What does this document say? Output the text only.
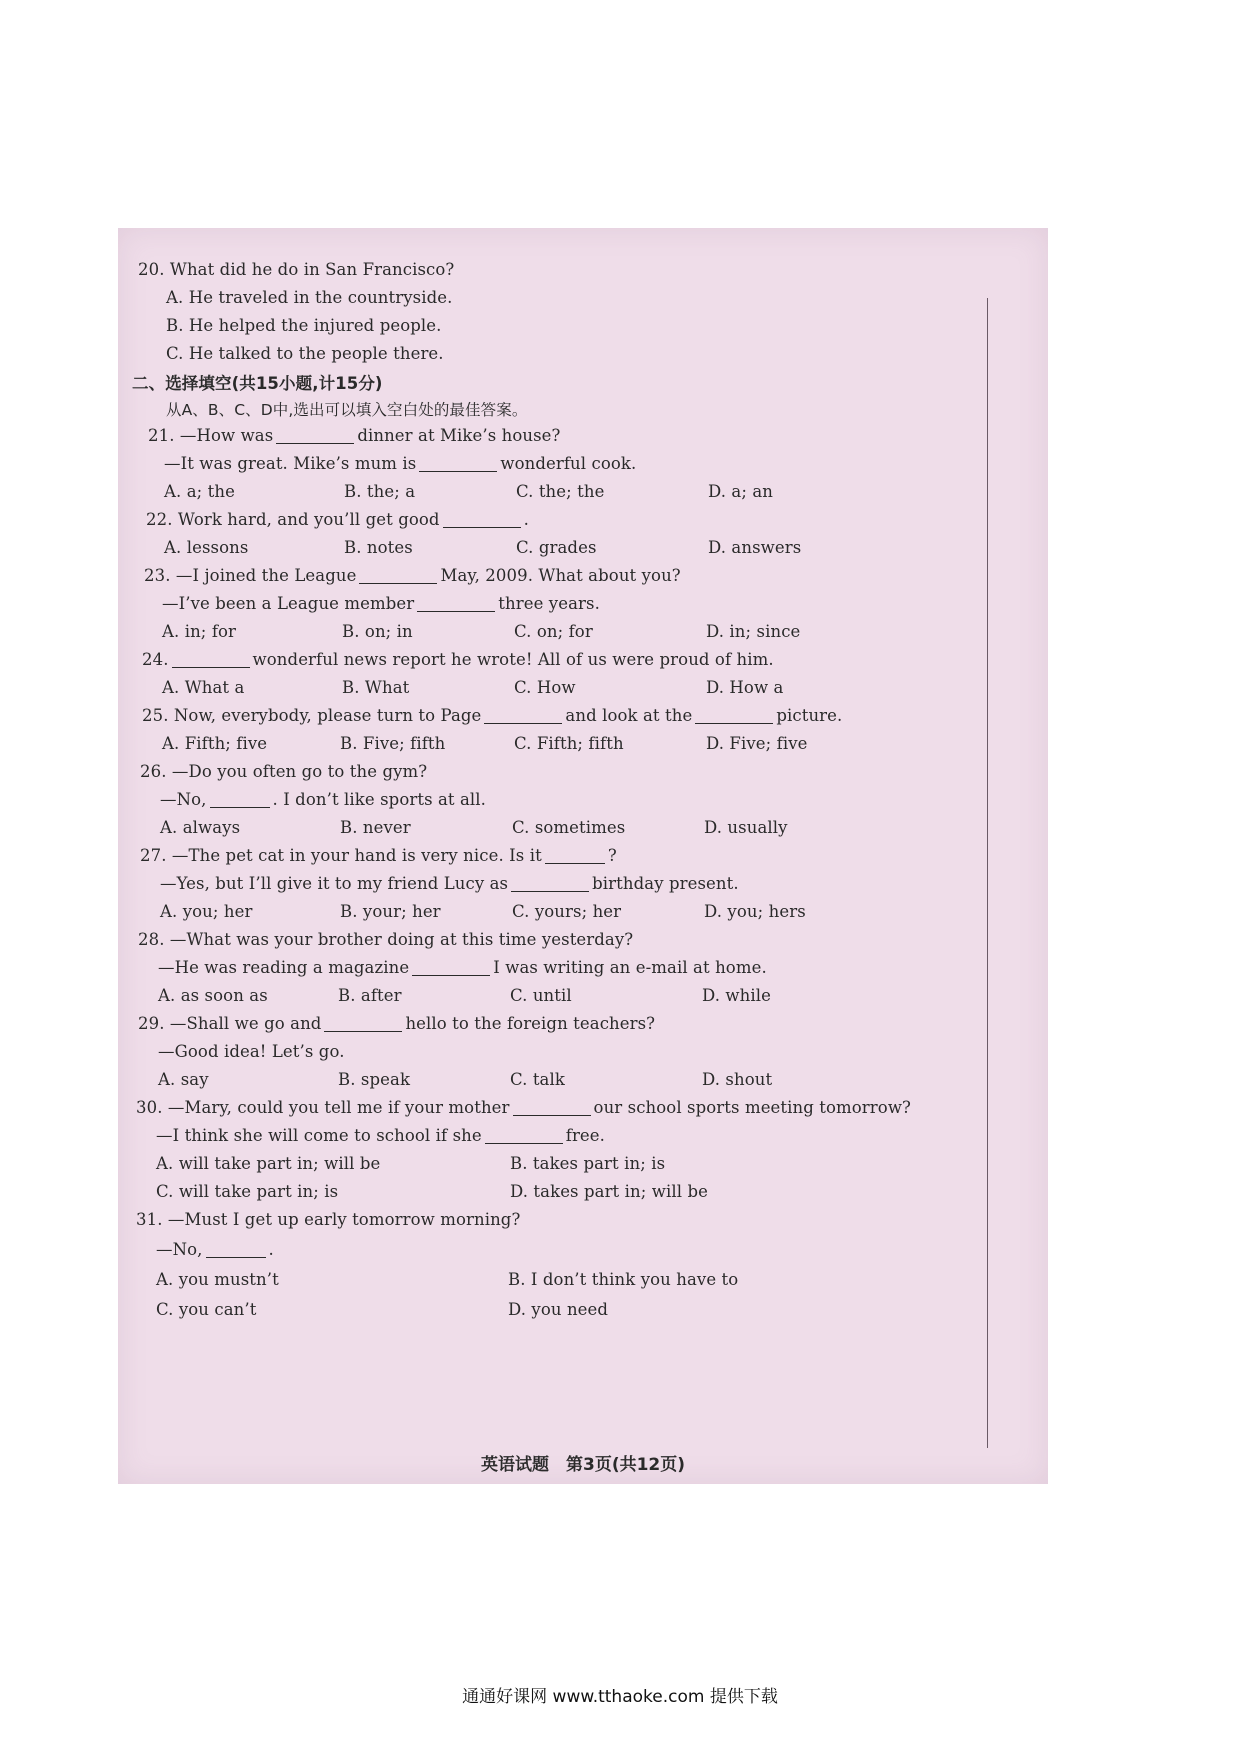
20. What did he do in San Francisco?
A. He traveled in the countryside.
B. He helped the injured people.
C. He talked to the people there.
二、选择填空(共15小题,计15分)
从A、B、C、D中,选出可以填入空白处的最佳答案。
21. —How was	dinner at Mike’s house?
—It was great. Mike’s mum is	wonderful cook.
A. a; the	B. the; a	C. the; the	D. a; an
22. Work hard, and you’ll get good	.
A. lessons	B. notes	C. grades	D. answers
23. —I joined the League	May, 2009. What about you?
—I’ve been a League member	three years.
A. in; for	B. on; in	C. on; for	D. in; since
24.	wonderful news report he wrote! All of us were proud of him.
A. What a	B. What	C. How	D. How a
25. Now, everybody, please turn to Page	and look at the	picture.
A. Fifth; five	B. Five; fifth	C. Fifth; fifth	D. Five; five
26. —Do you often go to the gym?
—No,	. I don’t like sports at all.
A. always	B. never	C. sometimes	D. usually
27. —The pet cat in your hand is very nice. Is it	?
—Yes, but I’ll give it to my friend Lucy as	birthday present.
A. you; her	B. your; her	C. yours; her	D. you; hers
28. —What was your brother doing at this time yesterday?
—He was reading a magazine	I was writing an e-mail at home.
A. as soon as	B. after	C. until	D. while
29. —Shall we go and	hello to the foreign teachers?
—Good idea! Let’s go.
A. say	B. speak	C. talk	D. shout
30. —Mary, could you tell me if your mother	our school sports meeting tomorrow?
—I think she will come to school if she	free.
A. will take part in; will be	B. takes part in; is
C. will take part in; is	D. takes part in; will be
31. —Must I get up early tomorrow morning?
—No,	.
A. you mustn’t	B. I don’t think you have to
C. you can’t	D. you need
英语试题　第3页(共12页)
通通好课网 www.tthaoke.com 提供下载
